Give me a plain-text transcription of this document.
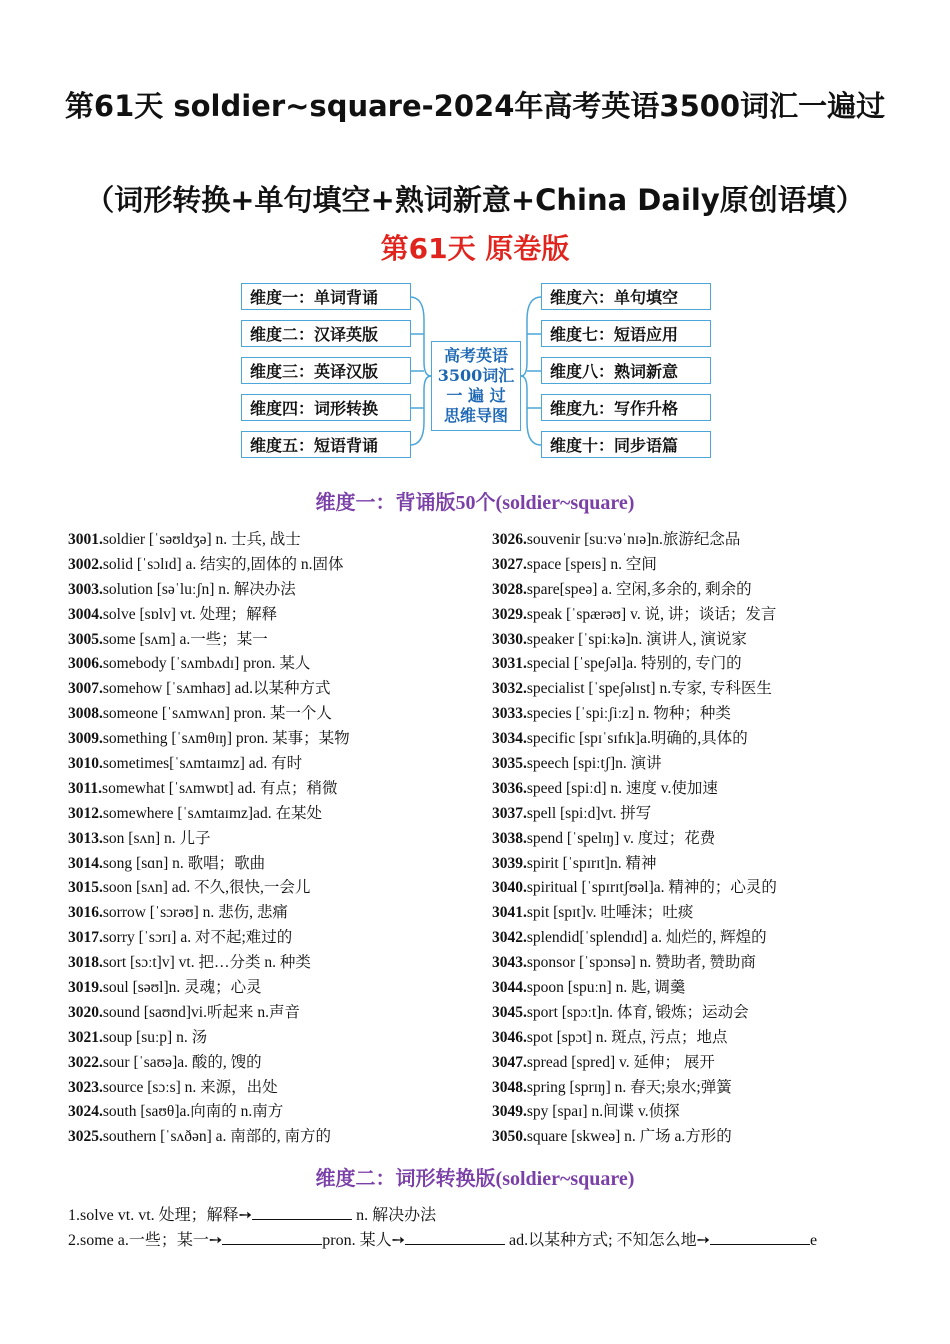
第61天 soldier~square-2024年高考英语3500词汇一遍过
（词形转换+单句填空+熟词新意+China Daily原创语填）
第61天 原卷版
维度一：单词背诵
维度二：汉译英版
维度三：英译汉版
维度四：词形转换
维度五：短语背诵
高考英语
3500词汇
一 遍 过
思维导图
维度六：单句填空
维度七：短语应用
维度八：熟词新意
维度九：写作升格
维度十：同步语篇
维度一：背诵版50个(soldier~square)
3001.soldier [ˈsəʊldʒə] n. 士兵, 战士
3002.solid [ˈsɔlɪd] a. 结实的,固体的 n.固体
3003.solution [səˈluːʃn] n. 解决办法
3004.solve [sɒlv] vt. 处理；解释
3005.some [sʌm] a.一些；某一
3006.somebody [ˈsʌmbʌdɪ] pron. 某人
3007.somehow [ˈsʌmhaʊ] ad.以某种方式
3008.someone [ˈsʌmwʌn] pron. 某一个人
3009.something [ˈsʌmθɪŋ] pron. 某事；某物
3010.sometimes[ˈsʌmtaɪmz] ad. 有时
3011.somewhat [ˈsʌmwɒt] ad. 有点；稍微
3012.somewhere [ˈsʌmtaɪmz]ad. 在某处
3013.son [sʌn] n. 儿子
3014.song [sɑn] n. 歌唱；歌曲
3015.soon [sʌn] ad. 不久,很快,一会儿
3016.sorrow [ˈsɔrəʊ] n. 悲伤, 悲痛
3017.sorry [ˈsɔrɪ] a. 对不起;难过的
3018.sort [sɔːt]v] vt. 把…分类 n. 种类
3019.soul [səʊl]n. 灵魂；心灵
3020.sound [saʊnd]vi.听起来 n.声音
3021.soup [suːp] n. 汤
3022.sour [ˈsaʊə]a. 酸的, 馊的
3023.source [sɔːs] n. 来源，出处
3024.south [saʊθ]a.向南的 n.南方
3025.southern [ˈsʌðən] a. 南部的, 南方的
3026.souvenir [suːvəˈnɪə]n.旅游纪念品
3027.space [speɪs] n. 空间
3028.spare[speə] a. 空闲,多余的, 剩余的
3029.speak [ˈspærəʊ] v. 说, 讲；谈话；发言
3030.speaker [ˈspiːkə]n. 演讲人, 演说家
3031.special [ˈspeʃəl]a. 特别的, 专门的
3032.specialist [ˈspeʃəlɪst] n.专家, 专科医生
3033.species [ˈspiːʃiːz] n. 物种；种类
3034.specific [spɪˈsɪfɪk]a.明确的,具体的
3035.speech [spiːtʃ]n. 演讲
3036.speed [spiːd] n. 速度 v.使加速
3037.spell [spiːd]vt. 拼写
3038.spend [ˈspelɪŋ] v. 度过；花费
3039.spirit [ˈspɪrɪt]n. 精神
3040.spiritual [ˈspɪrɪtʃʊəl]a. 精神的；心灵的
3041.spit [spɪt]v. 吐唾沫；吐痰
3042.splendid[ˈsplendɪd] a. 灿烂的, 辉煌的
3043.sponsor [ˈspɔnsə] n. 赞助者, 赞助商
3044.spoon [spuːn] n. 匙, 调羹
3045.sport [spɔːt]n. 体育, 锻炼；运动会
3046.spot [spɔt] n. 斑点, 污点；地点
3047.spread [spred] v. 延伸； 展开
3048.spring [sprɪŋ] n. 春天;泉水;弹簧
3049.spy [spaɪ] n.间谍 v.侦探
3050.square [skweə] n. 广场 a.方形的
维度二：词形转换版(soldier~square)
1.solve vt. vt. 处理；解释➙	n. 解决办法
2.some a.一些；某一➙	pron. 某人➙	ad.以某种方式; 不知怎么地➙	e
